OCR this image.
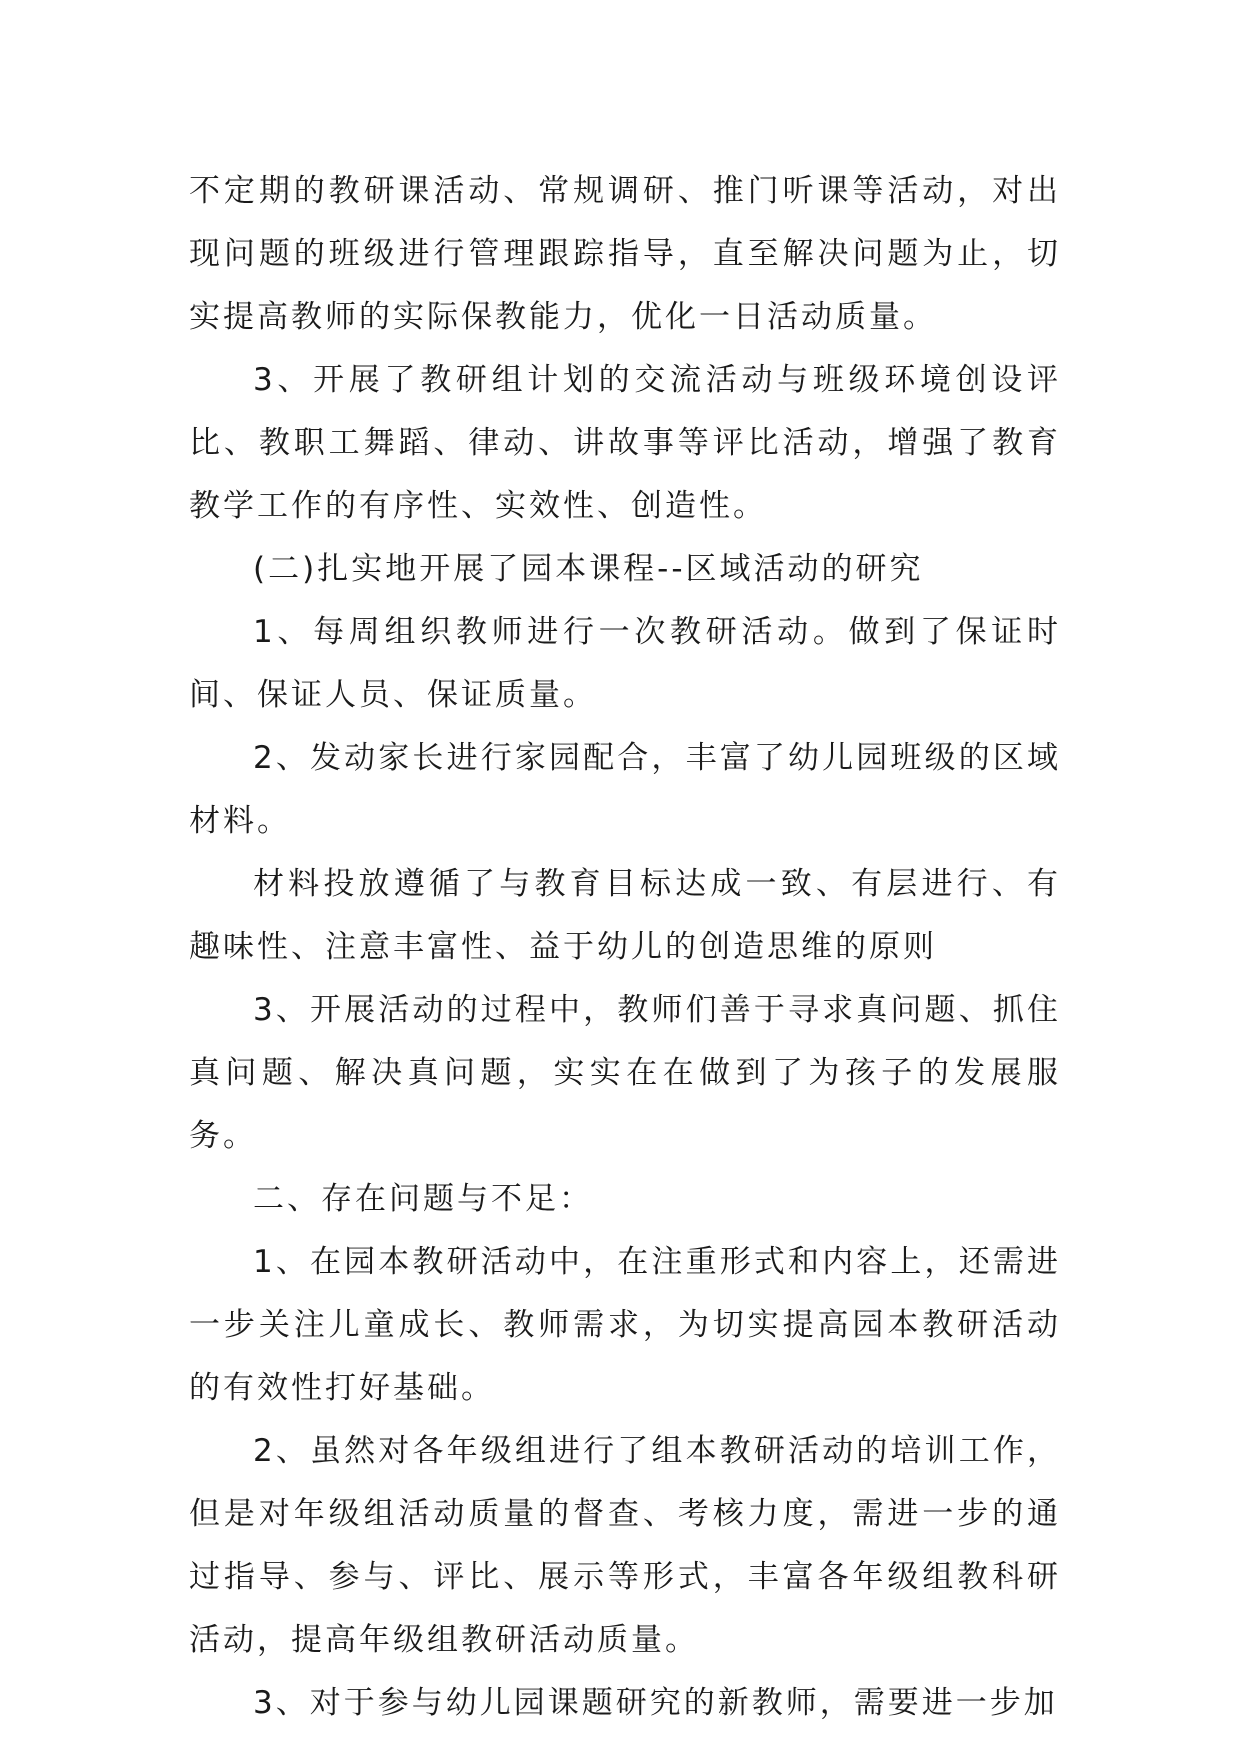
不定期的教研课活动、常规调研、推门听课等活动，对出现问题的班级进行管理跟踪指导，直至解决问题为止，切实提高教师的实际保教能力，优化一日活动质量。

3、开展了教研组计划的交流活动与班级环境创设评比、教职工舞蹈、律动、讲故事等评比活动，增强了教育教学工作的有序性、实效性、创造性。

(二)扎实地开展了园本课程--区域活动的研究

1、每周组织教师进行一次教研活动。做到了保证时间、保证人员、保证质量。

2、发动家长进行家园配合，丰富了幼儿园班级的区域材料。

材料投放遵循了与教育目标达成一致、有层进行、有趣味性、注意丰富性、益于幼儿的创造思维的原则

3、开展活动的过程中，教师们善于寻求真问题、抓住真问题、解决真问题，实实在在做到了为孩子的发展服务。

二、存在问题与不足：

1、在园本教研活动中，在注重形式和内容上，还需进一步关注儿童成长、教师需求，为切实提高园本教研活动的有效性打好基础。

2、虽然对各年级组进行了组本教研活动的培训工作，但是对年级组活动质量的督查、考核力度，需进一步的通过指导、参与、评比、展示等形式，丰富各年级组教科研活动，提高年级组教研活动质量。

3、对于参与幼儿园课题研究的新教师，需要进一步加
